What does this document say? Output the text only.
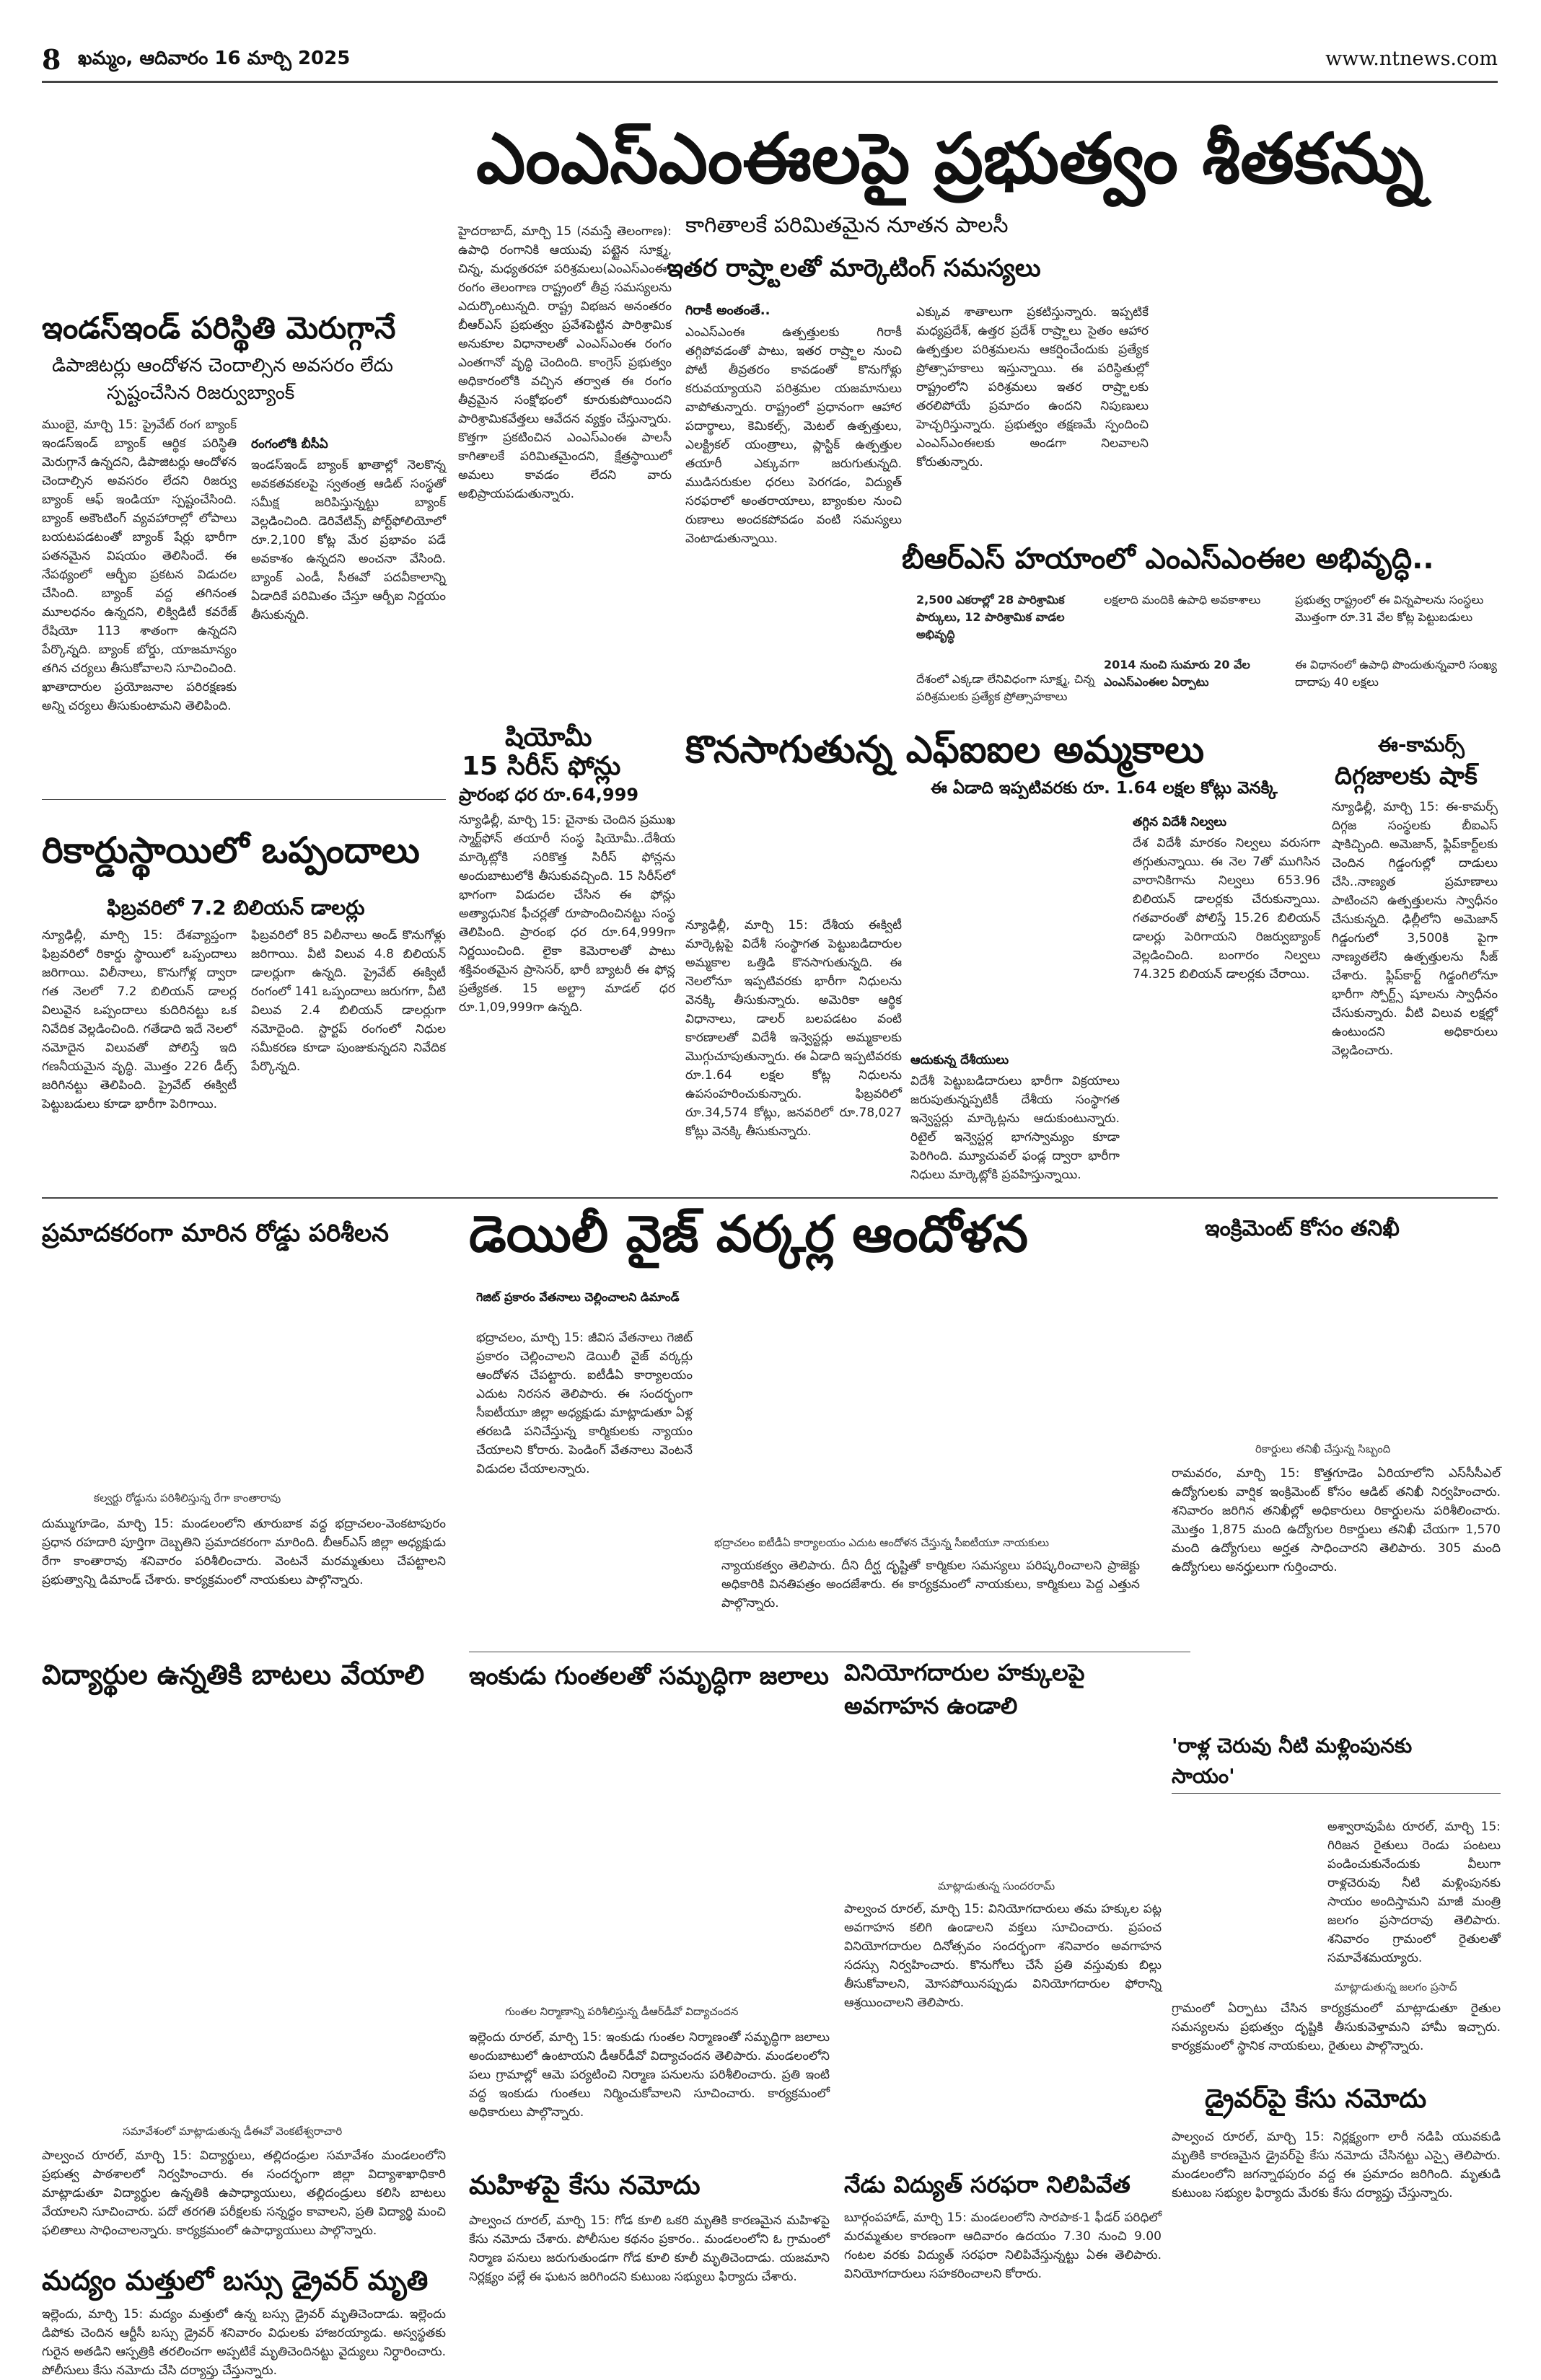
8 ఖమ్మం, ఆదివారం 16 మార్చి 2025	www.ntnews.com
ఎంఎస్ఎంఈలపై ప్రభుత్వం శీతకన్ను
కాగితాలకే పరిమితమైన నూతన పాలసీ
ఇతర రాష్ర్టాలతో మార్కెటింగ్ సమస్యలు
హైదరాబాద్, మార్చి 15 (నమస్తే తెలంగాణ): ఉపాధి రంగానికి ఆయువు పట్టైన సూక్ష్మ, చిన్న, మధ్యతరహా పరిశ్రమలు(ఎంఎస్ఎంఈ) రంగం తెలంగాణ రాష్ట్రంలో తీవ్ర సమస్యలను ఎదుర్కొంటున్నది. రాష్ట్ర విభజన అనంతరం బీఆర్ఎస్ ప్రభుత్వం ప్రవేశపెట్టిన పారిశ్రామిక అనుకూల విధానాలతో ఎంఎస్ఎంఈ రంగం ఎంతగానో వృద్ధి చెందింది. కాంగ్రెస్ ప్రభుత్వం అధికారంలోకి వచ్చిన తర్వాత ఈ రంగం తీవ్రమైన సంక్షోభంలో కూరుకుపోయిందని పారిశ్రామికవేత్తలు ఆవేదన వ్యక్తం చేస్తున్నారు. కొత్తగా ప్రకటించిన ఎంఎస్ఎంఈ పాలసీ కాగితాలకే పరిమితమైందని, క్షేత్రస్థాయిలో అమలు కావడం లేదని వారు అభిప్రాయపడుతున్నారు.
గిరాకీ అంతంతే..
ఎంఎస్ఎంఈ ఉత్పత్తులకు గిరాకీ తగ్గిపోవడంతో పాటు, ఇతర రాష్ర్టాల నుంచి పోటీ తీవ్రతరం కావడంతో కొనుగోళ్లు కరువయ్యాయని పరిశ్రమల యజమానులు వాపోతున్నారు. రాష్ట్రంలో ప్రధానంగా ఆహార పదార్థాలు, కెమికల్స్, మెటల్ ఉత్పత్తులు, ఎలక్ట్రికల్ యంత్రాలు, ప్లాస్టిక్ ఉత్పత్తుల తయారీ ఎక్కువగా జరుగుతున్నది. ముడిసరుకుల ధరలు పెరగడం, విద్యుత్ సరఫరాలో అంతరాయాలు, బ్యాంకుల నుంచి రుణాలు అందకపోవడం వంటి సమస్యలు వెంటాడుతున్నాయి.
ఎక్కువ శాతాలుగా ప్రకటిస్తున్నారు. ఇప్పటికే మధ్యప్రదేశ్, ఉత్తర ప్రదేశ్ రాష్ర్టాలు సైతం ఆహార ఉత్పత్తుల పరిశ్రమలను ఆకర్షించేందుకు ప్రత్యేక ప్రోత్సాహకాలు ఇస్తున్నాయి. ఈ పరిస్థితుల్లో రాష్ట్రంలోని పరిశ్రమలు ఇతర రాష్ర్టాలకు తరలిపోయే ప్రమాదం ఉందని నిపుణులు హెచ్చరిస్తున్నారు. ప్రభుత్వం తక్షణమే స్పందించి ఎంఎస్ఎంఈలకు అండగా నిలవాలని కోరుతున్నారు.
ఇండస్ఇండ్ పరిస్థితి మెరుగ్గానే
డిపాజిటర్లు ఆందోళన చెందాల్సిన అవసరం లేదు
స్పష్టంచేసిన రిజర్వుబ్యాంక్
ముంబై, మార్చి 15: ప్రైవేట్ రంగ బ్యాంక్ ఇండస్ఇండ్ బ్యాంక్ ఆర్థిక పరిస్థితి మెరుగ్గానే ఉన్నదని, డిపాజిటర్లు ఆందోళన చెందాల్సిన అవసరం లేదని రిజర్వు బ్యాంక్ ఆఫ్ ఇండియా స్పష్టంచేసింది. బ్యాంక్ అకౌంటింగ్ వ్యవహారాల్లో లోపాలు బయటపడటంతో బ్యాంక్ షేర్లు భారీగా పతనమైన విషయం తెలిసిందే. ఈ నేపథ్యంలో ఆర్బీఐ ప్రకటన విడుదల చేసింది. బ్యాంక్ వద్ద తగినంత మూలధనం ఉన్నదని, లిక్విడిటీ కవరేజ్ రేషియో 113 శాతంగా ఉన్నదని పేర్కొన్నది. బ్యాంక్ బోర్డు, యాజమాన్యం తగిన చర్యలు తీసుకోవాలని సూచించింది. ఖాతాదారుల ప్రయోజనాల పరిరక్షణకు అన్ని చర్యలు తీసుకుంటామని తెలిపింది.
రంగంలోకి బీసీఏ
ఇండస్ఇండ్ బ్యాంక్ ఖాతాల్లో నెలకొన్న అవకతవకలపై స్వతంత్ర ఆడిట్ సంస్థతో సమీక్ష జరిపిస్తున్నట్టు బ్యాంక్ వెల్లడించింది. డెరివేటివ్స్ పోర్ట్‌ఫోలియోలో రూ.2,100 కోట్ల మేర ప్రభావం పడే అవకాశం ఉన్నదని అంచనా వేసింది. బ్యాంక్ ఎండీ, సీఈవో పదవీకాలాన్ని ఏడాదికే పరిమితం చేస్తూ ఆర్బీఐ నిర్ణయం తీసుకున్నది.
బీఆర్ఎస్ హయాంలో ఎంఎస్ఎంఈల అభివృద్ధి..
2,500 ఎకరాల్లో 28 పారిశ్రామిక పార్కులు, 12 పారిశ్రామిక వాడల అభివృద్ధి
దేశంలో ఎక్కడా లేనివిధంగా సూక్ష్మ, చిన్న పరిశ్రమలకు ప్రత్యేక ప్రోత్సాహకాలు
లక్షలాది మందికి ఉపాధి అవకాశాలు
2014 నుంచి సుమారు 20 వేల ఎంఎస్ఎంఈల ఏర్పాటు
ప్రభుత్వ రాష్ట్రంలో ఈ విన్నపాలను సంస్థలు మొత్తంగా రూ.31 వేల కోట్ల పెట్టుబడులు
ఈ విధానంలో ఉపాధి పొందుతున్నవారి సంఖ్య దాదాపు 40 లక్షలు
రికార్డుస్థాయిలో ఒప్పందాలు
ఫిబ్రవరిలో 7.2 బిలియన్ డాలర్లు
న్యూఢిల్లీ, మార్చి 15: దేశవ్యాప్తంగా ఫిబ్రవరిలో రికార్డు స్థాయిలో ఒప్పందాలు జరిగాయి. విలీనాలు, కొనుగోళ్ల ద్వారా గత నెలలో 7.2 బిలియన్ డాలర్ల విలువైన ఒప్పందాలు కుదిరినట్టు ఒక నివేదిక వెల్లడించింది. గతేడాది ఇదే నెలలో నమోదైన విలువతో పోలిస్తే ఇది గణనీయమైన వృద్ధి. మొత్తం 226 డీల్స్ జరిగినట్టు తెలిపింది. ప్రైవేట్ ఈక్విటీ పెట్టుబడులు కూడా భారీగా పెరిగాయి.
ఫిబ్రవరిలో 85 విలీనాలు అండ్ కొనుగోళ్లు జరిగాయి. వీటి విలువ 4.8 బిలియన్ డాలర్లుగా ఉన్నది. ప్రైవేట్ ఈక్విటీ రంగంలో 141 ఒప్పందాలు జరుగగా, వీటి విలువ 2.4 బిలియన్ డాలర్లుగా నమోదైంది. స్టార్టప్ రంగంలో నిధుల సమీకరణ కూడా పుంజుకున్నదని నివేదిక పేర్కొన్నది.
షియోమీ
15 సిరీస్ ఫోన్లు
ప్రారంభ ధర రూ.64,999
న్యూఢిల్లీ, మార్చి 15: చైనాకు చెందిన ప్రముఖ స్మార్ట్‌ఫోన్ తయారీ సంస్థ షియోమీ..దేశీయ మార్కెట్లోకి సరికొత్త సిరీస్ ఫోన్లను అందుబాటులోకి తీసుకువచ్చింది. 15 సిరీస్‌లో భాగంగా విడుదల చేసిన ఈ ఫోన్లు అత్యాధునిక ఫీచర్లతో రూపొందించినట్టు సంస్థ తెలిపింది. ప్రారంభ ధర రూ.64,999గా నిర్ణయించింది. లైకా కెమెరాలతో పాటు శక్తివంతమైన ప్రాసెసర్, భారీ బ్యాటరీ ఈ ఫోన్ల ప్రత్యేకత. 15 అల్ట్రా మాడల్ ధర రూ.1,09,999గా ఉన్నది.
కొనసాగుతున్న ఎఫ్‌ఐఐల అమ్మకాలు
ఈ ఏడాది ఇప్పటివరకు రూ. 1.64 లక్షల కోట్లు వెనక్కి
న్యూఢిల్లీ, మార్చి 15: దేశీయ ఈక్విటీ మార్కెట్లపై విదేశీ సంస్థాగత పెట్టుబడిదారుల అమ్మకాల ఒత్తిడి కొనసాగుతున్నది. ఈ నెలలోనూ ఇప్పటివరకు భారీగా నిధులను వెనక్కి తీసుకున్నారు. అమెరికా ఆర్థిక విధానాలు, డాలర్ బలపడటం వంటి కారణాలతో విదేశీ ఇన్వెస్టర్లు అమ్మకాలకు మొగ్గుచూపుతున్నారు. ఈ ఏడాది ఇప్పటివరకు రూ.1.64 లక్షల కోట్ల నిధులను ఉపసంహరించుకున్నారు. ఫిబ్రవరిలో రూ.34,574 కోట్లు, జనవరిలో రూ.78,027 కోట్లు వెనక్కి తీసుకున్నారు.
ఆదుకున్న దేశీయులు
విదేశీ పెట్టుబడిదారులు భారీగా విక్రయాలు జరుపుతున్నప్పటికీ దేశీయ సంస్థాగత ఇన్వెస్టర్లు మార్కెట్లను ఆదుకుంటున్నారు. రిటైల్ ఇన్వెస్టర్ల భాగస్వామ్యం కూడా పెరిగింది. మ్యూచువల్ ఫండ్ల ద్వారా భారీగా నిధులు మార్కెట్లోకి ప్రవహిస్తున్నాయి.
తగ్గిన విదేశీ నిల్వలు
దేశ విదేశీ మారకం నిల్వలు వరుసగా తగ్గుతున్నాయి. ఈ నెల 7తో ముగిసిన వారానికిగాను నిల్వలు 653.96 బిలియన్ డాలర్లకు చేరుకున్నాయి. గతవారంతో పోలిస్తే 15.26 బిలియన్ డాలర్లు పెరిగాయని రిజర్వుబ్యాంక్ వెల్లడించింది. బంగారం నిల్వలు 74.325 బిలియన్ డాలర్లకు చేరాయి.
ఈ-కామర్స్
దిగ్గజాలకు షాక్
న్యూఢిల్లీ, మార్చి 15: ఈ-కామర్స్ దిగ్గజ సంస్థలకు బీఐఎస్ షాకిచ్చింది. అమెజాన్, ఫ్లిప్‌కార్ట్‌లకు చెందిన గిడ్డంగుల్లో దాడులు చేసి..నాణ్యత ప్రమాణాలు పాటించని ఉత్పత్తులను స్వాధీనం చేసుకున్నది. ఢిల్లీలోని అమెజాన్ గిడ్డంగులో 3,500కి పైగా నాణ్యతలేని ఉత్పత్తులను సీజ్ చేశారు. ఫ్లిప్‌కార్ట్ గిడ్డంగిలోనూ భారీగా స్పోర్ట్స్ షూలను స్వాధీనం చేసుకున్నారు. వీటి విలువ లక్షల్లో ఉంటుందని అధికారులు వెల్లడించారు.
ప్రమాదకరంగా మారిన రోడ్డు పరిశీలన
కల్వర్టు రోడ్డును పరిశీలిస్తున్న రేగా కాంతారావు
దుమ్ముగూడెం, మార్చి 15: మండలంలోని తూరుబాక వద్ద భద్రాచలం-వెంకటాపురం ప్రధాన రహదారి పూర్తిగా దెబ్బతిని ప్రమాదకరంగా మారింది. బీఆర్ఎస్ జిల్లా అధ్యక్షుడు రేగా కాంతారావు శనివారం పరిశీలించారు. వెంటనే మరమ్మతులు చేపట్టాలని ప్రభుత్వాన్ని డిమాండ్ చేశారు. కార్యక్రమంలో నాయకులు పాల్గొన్నారు.
విద్యార్థుల ఉన్నతికి బాటలు వేయాలి
డెయిలీ వైజ్ వర్కర్ల ఆందోళన
గెజిట్ ప్రకారం వేతనాలు చెల్లించాలని డిమాండ్
భద్రాచలం, మార్చి 15: జీవిస వేతనాలు గెజిట్ ప్రకారం చెల్లించాలని డెయిలీ వైజ్ వర్కర్లు ఆందోళన చేపట్టారు. ఐటీడీఏ కార్యాలయం ఎదుట నిరసన తెలిపారు. ఈ సందర్భంగా సీఐటీయూ జిల్లా అధ్యక్షుడు మాట్లాడుతూ ఏళ్ల తరబడి పనిచేస్తున్న కార్మికులకు న్యాయం చేయాలని కోరారు. పెండింగ్ వేతనాలు వెంటనే విడుదల చేయాలన్నారు.
భద్రాచలం ఐటీడీఏ కార్యాలయం ఎదుట ఆందోళన చేస్తున్న సీఐటీయూ నాయకులు
న్యాయకత్వం తెలిపారు. దీని దీర్ఘ దృష్టితో కార్మికుల సమస్యలు పరిష్కరించాలని ప్రాజెక్టు అధికారికి వినతిపత్రం అందజేశారు. ఈ కార్యక్రమంలో నాయకులు, కార్మికులు పెద్ద ఎత్తున పాల్గొన్నారు.
ఇంకుడు గుంతలతో సమృద్ధిగా జలాలు వినియోగదారుల హక్కులపై
అవగాహన ఉండాలి
ఇంక్రిమెంట్ కోసం తనిఖీ
రికార్డులు తనిఖీ చేస్తున్న సిబ్బంది
రామవరం, మార్చి 15: కొత్తగూడెం ఏరియాలోని ఎస్‌సీసీఎల్ ఉద్యోగులకు వార్షిక ఇంక్రిమెంట్ కోసం ఆడిట్ తనిఖీ నిర్వహించారు. శనివారం జరిగిన తనిఖీల్లో అధికారులు రికార్డులను పరిశీలించారు. మొత్తం 1,875 మంది ఉద్యోగుల రికార్డులు తనిఖీ చేయగా 1,570 మంది ఉద్యోగులు అర్హత సాధించారని తెలిపారు. 305 మంది ఉద్యోగులు అనర్హులుగా గుర్తించారు.
'రాళ్ల చెరువు నీటి మళ్లింపునకు
సాయం'
అశ్వారావుపేట రూరల్, మార్చి 15: గిరిజన రైతులు రెండు పంటలు పండించుకునేందుకు వీలుగా రాళ్లచెరువు నీటి మళ్లింపునకు సాయం అందిస్తామని మాజీ మంత్రి జలగం ప్రసాదరావు తెలిపారు. శనివారం గ్రామంలో రైతులతో సమావేశమయ్యారు.
మాట్లాడుతున్న జలగం ప్రసాద్
గ్రామంలో ఏర్పాటు చేసిన కార్యక్రమంలో మాట్లాడుతూ రైతుల సమస్యలను ప్రభుత్వం దృష్టికి తీసుకువెళ్తామని హామీ ఇచ్చారు. కార్యక్రమంలో స్థానిక నాయకులు, రైతులు పాల్గొన్నారు.
డ్రైవర్‌పై కేసు నమోదు
పాల్వంచ రూరల్, మార్చి 15: నిర్లక్ష్యంగా లారీ నడిపి యువకుడి మృతికి కారణమైన డ్రైవర్‌పై కేసు నమోదు చేసినట్టు ఎస్సై తెలిపారు. మండలంలోని జగన్నాథపురం వద్ద ఈ ప్రమాదం జరిగింది. మృతుడి కుటుంబ సభ్యుల ఫిర్యాదు మేరకు కేసు దర్యాప్తు చేస్తున్నారు.
సమావేశంలో మాట్లాడుతున్న డీఈవో వెంకటేశ్వరాచారి
పాల్వంచ రూరల్, మార్చి 15: విద్యార్థులు, తల్లిదండ్రుల సమావేశం మండలంలోని ప్రభుత్వ పాఠశాలలో నిర్వహించారు. ఈ సందర్భంగా జిల్లా విద్యాశాఖాధికారి మాట్లాడుతూ విద్యార్థుల ఉన్నతికి ఉపాధ్యాయులు, తల్లిదండ్రులు కలిసి బాటలు వేయాలని సూచించారు. పదో తరగతి పరీక్షలకు సన్నద్ధం కావాలని, ప్రతి విద్యార్థి మంచి ఫలితాలు సాధించాలన్నారు. కార్యక్రమంలో ఉపాధ్యాయులు పాల్గొన్నారు.
మద్యం మత్తులో బస్సు డ్రైవర్ మృతి
ఇల్లెందు, మార్చి 15: మద్యం మత్తులో ఉన్న బస్సు డ్రైవర్ మృతిచెందాడు. ఇల్లెందు డిపోకు చెందిన ఆర్టీసీ బస్సు డ్రైవర్ శనివారం విధులకు హాజరయ్యాడు. అస్వస్థతకు గురైన అతడిని ఆస్పత్రికి తరలించగా అప్పటికే మృతిచెందినట్టు వైద్యులు నిర్ధారించారు. పోలీసులు కేసు నమోదు చేసి దర్యాప్తు చేస్తున్నారు.
గుంతల నిర్మాణాన్ని పరిశీలిస్తున్న డీఆర్‌డీవో విద్యాచందన
ఇల్లెందు రూరల్, మార్చి 15: ఇంకుడు గుంతల నిర్మాణంతో సమృద్ధిగా జలాలు అందుబాటులో ఉంటాయని డీఆర్‌డీవో విద్యాచందన తెలిపారు. మండలంలోని పలు గ్రామాల్లో ఆమె పర్యటించి నిర్మాణ పనులను పరిశీలించారు. ప్రతి ఇంటి వద్ద ఇంకుడు గుంతలు నిర్మించుకోవాలని సూచించారు. కార్యక్రమంలో అధికారులు పాల్గొన్నారు.
మహిళపై కేసు నమోదు
పాల్వంచ రూరల్, మార్చి 15: గోడ కూలి ఒకరి మృతికి కారణమైన మహిళపై కేసు నమోదు చేశారు. పోలీసుల కథనం ప్రకారం.. మండలంలోని ఓ గ్రామంలో నిర్మాణ పనులు జరుగుతుండగా గోడ కూలి కూలీ మృతిచెందాడు. యజమాని నిర్లక్ష్యం వల్లే ఈ ఘటన జరిగిందని కుటుంబ సభ్యులు ఫిర్యాదు చేశారు.
మాట్లాడుతున్న సుందరరామ్
పాల్వంచ రూరల్, మార్చి 15: వినియోగదారులు తమ హక్కుల పట్ల అవగాహన కలిగి ఉండాలని వక్తలు సూచించారు. ప్రపంచ వినియోగదారుల దినోత్సవం సందర్భంగా శనివారం అవగాహన సదస్సు నిర్వహించారు. కొనుగోలు చేసే ప్రతి వస్తువుకు బిల్లు తీసుకోవాలని, మోసపోయినప్పుడు వినియోగదారుల ఫోరాన్ని ఆశ్రయించాలని తెలిపారు.
నేడు విద్యుత్ సరఫరా నిలిపివేత
బూర్గంపహాడ్, మార్చి 15: మండలంలోని సారపాక-1 ఫీడర్ పరిధిలో మరమ్మతుల కారణంగా ఆదివారం ఉదయం 7.30 నుంచి 9.00 గంటల వరకు విద్యుత్ సరఫరా నిలిపివేస్తున్నట్టు ఏఈ తెలిపారు. వినియోగదారులు సహకరించాలని కోరారు.
